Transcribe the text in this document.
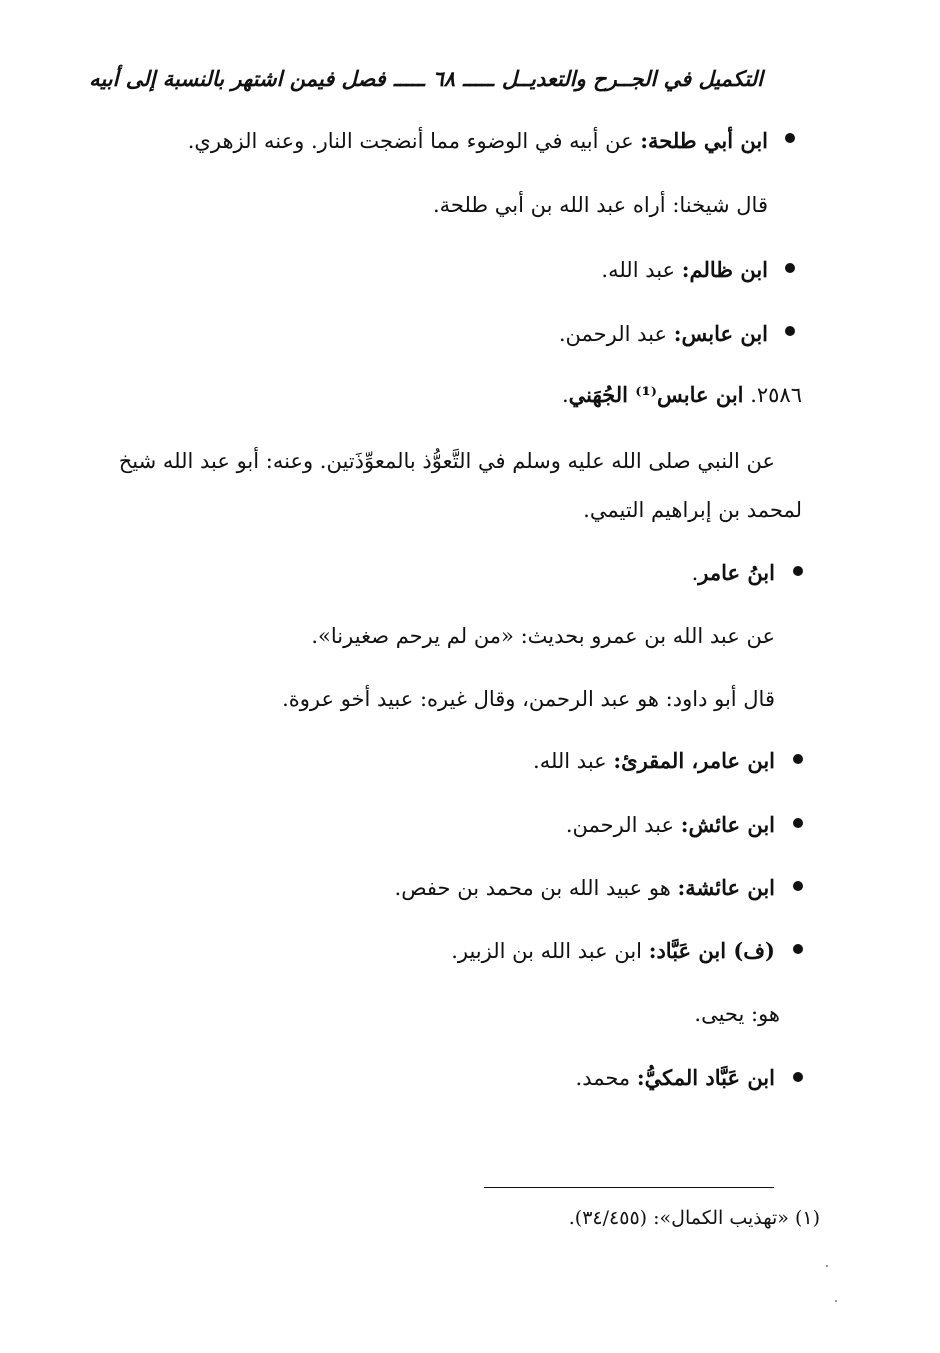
التكميل في الجــرح والتعديــلـــــ٦٨ـــــفصل فيمن اشتهر بالنسبة إلى أبيه
ابن أبي طلحة: عن أبيه في الوضوء مما أنضجت النار. وعنه الزهري.
قال شيخنا: أراه عبد الله بن أبي طلحة.
ابن ظالم: عبد الله.
ابن عابس: عبد الرحمن.
٢٥٨٦. ابن عابس⁽¹⁾ الجُهَني.
عن النبي صلى الله عليه وسلم في التَّعوُّذ بالمعوِّذَتين. وعنه: أبو عبد الله شيخ
لمحمد بن إبراهيم التيمي.
ابنُ عامر.
عن عبد الله بن عمرو بحديث: «من لم يرحم صغيرنا».
قال أبو داود: هو عبد الرحمن، وقال غيره: عبيد أخو عروة.
ابن عامر، المقرئ: عبد الله.
ابن عائش: عبد الرحمن.
ابن عائشة: هو عبيد الله بن محمد بن حفص.
(ف) ابن عَبَّاد: ابن عبد الله بن الزبير.
هو: يحيى.
ابن عَبَّاد المكيُّ: محمد.
(١) «تهذيب الكمال»: (٣٤/٤٥٥).
